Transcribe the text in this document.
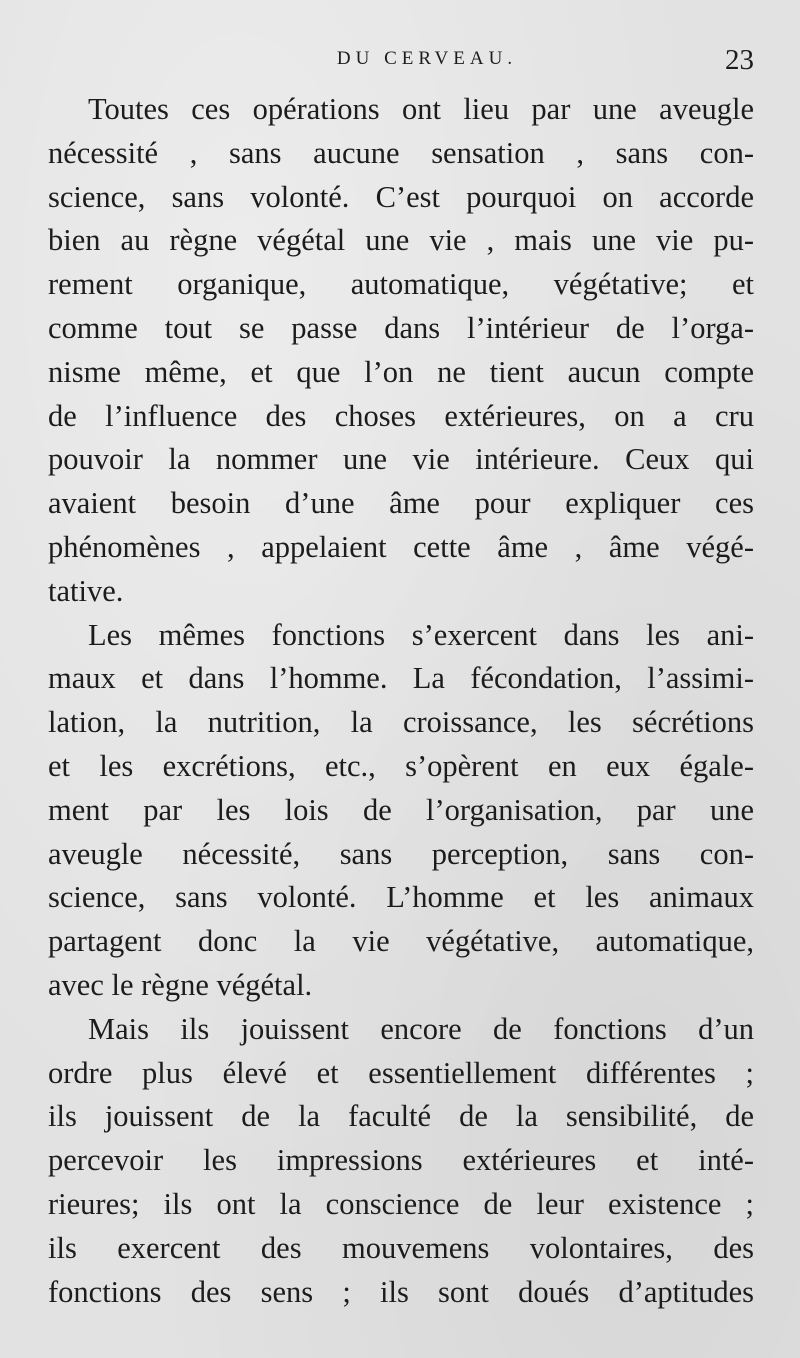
DU CERVEAU.	23
Toutes ces opérations ont lieu par une aveugle
nécessité , sans aucune sensation , sans con-
science, sans volonté. C’est pourquoi on accorde
bien au règne végétal une vie , mais une vie pu-
rement organique, automatique, végétative; et
comme tout se passe dans l’intérieur de l’orga-
nisme même, et que l’on ne tient aucun compte
de l’influence des choses extérieures, on a cru
pouvoir la nommer une vie intérieure. Ceux qui
avaient besoin d’une âme pour expliquer ces
phénomènes , appelaient cette âme , âme végé-
tative.
Les mêmes fonctions s’exercent dans les ani-
maux et dans l’homme. La fécondation, l’assimi-
lation, la nutrition, la croissance, les sécrétions
et les excrétions, etc., s’opèrent en eux égale-
ment par les lois de l’organisation, par une
aveugle nécessité, sans perception, sans con-
science, sans volonté. L’homme et les animaux
partagent donc la vie végétative, automatique,
avec le règne végétal.
Mais ils jouissent encore de fonctions d’un
ordre plus élevé et essentiellement différentes ;
ils jouissent de la faculté de la sensibilité, de
percevoir les impressions extérieures et inté-
rieures; ils ont la conscience de leur existence ;
ils exercent des mouvemens volontaires, des
fonctions des sens ; ils sont doués d’aptitudes
